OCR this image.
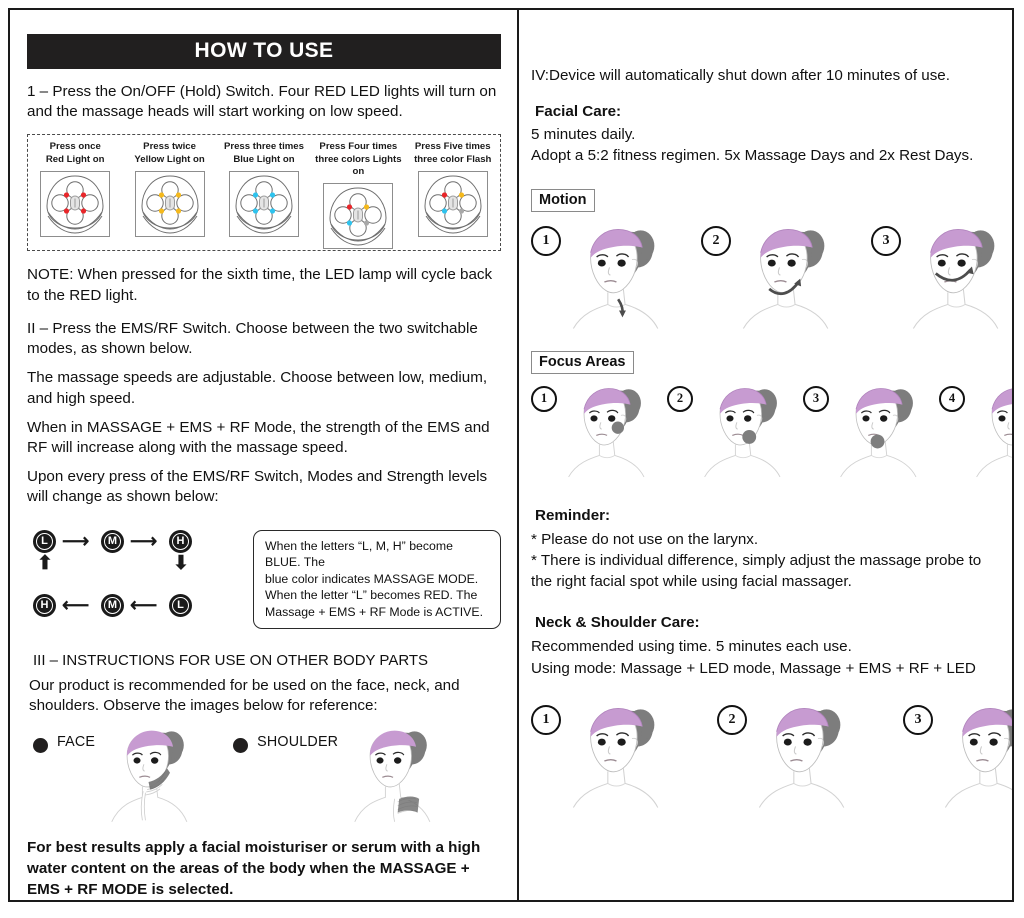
HOW TO USE

1 – Press the On/OFF (Hold) Switch. Four RED LED lights will turn on and the massage heads will start working on low speed.

Press once
Red Light on
Press twice
Yellow Light on
Press three times
Blue Light on
Press Four times
three colors Lights on
Press Five times
three color Flash

NOTE: When pressed for the sixth time, the LED lamp will cycle back to the RED light.

II – Press the EMS/RF Switch. Choose between the two switchable modes, as shown below.

The massage speeds are adjustable. Choose between low, medium, and high speed.

When in MASSAGE + EMS + RF Mode, the strength of the EMS and RF will increase along with the massage speed.

Upon every press of the EMS/RF Switch, Modes and Strength levels will change as shown below:

L	M	H
H	M	L
⟶ ⟶
⟵ ⟵
⬇
⬆
When the letters “L, M, H” become BLUE. The
blue color indicates MASSAGE MODE.
When the letter “L” becomes RED. The
Massage + EMS + RF Mode is ACTIVE.

III – INSTRUCTIONS FOR USE ON OTHER BODY PARTS

Our product is recommended for be used on the face, neck, and shoulders. Observe the images below for reference:

FACE	SHOULDER

For best results apply a facial moisturiser or serum with a high water content on the areas of the body when the MASSAGE + EMS + RF MODE is selected.

IV:Device will automatically shut down after 10 minutes of use.

Facial Care:

5 minutes daily.

Adopt a 5:2 fitness regimen. 5x Massage Days and 2x Rest Days.

Motion
1	2	3
Focus Areas
1	2	3	4

Reminder:

* Please do not use on the larynx.

* There is individual difference, simply adjust the massage probe to the right facial spot while using facial massager.

Neck & Shoulder Care:

Recommended using time. 5 minutes each use.

Using mode: Massage + LED mode, Massage + EMS + RF + LED

1	2	3
